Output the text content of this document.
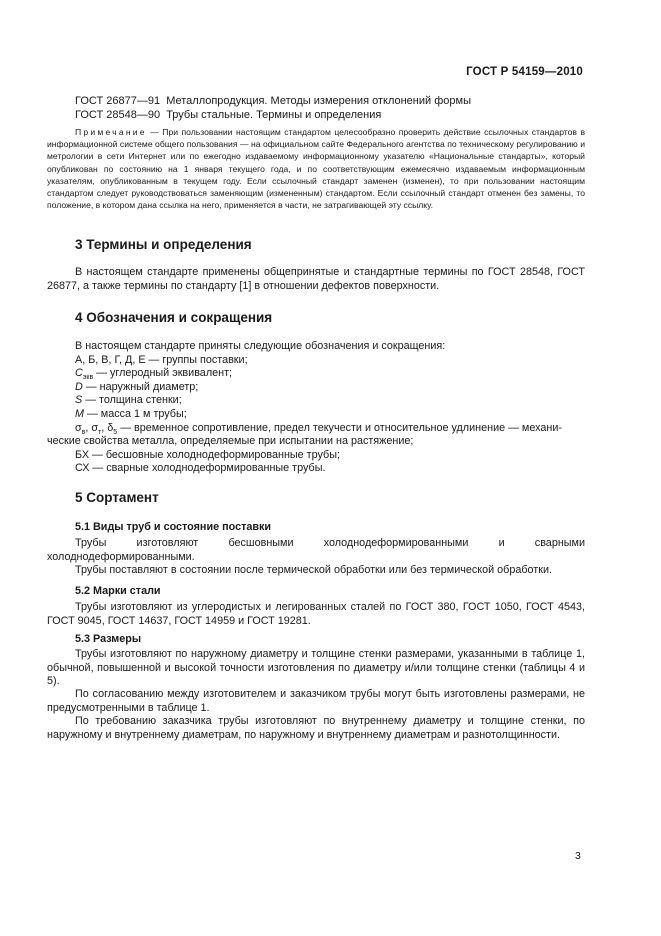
ГОСТ Р 54159—2010
ГОСТ 26877—91 Металлопродукция. Методы измерения отклонений формы
ГОСТ 28548—90 Трубы стальные. Термины и определения
Примечание — При пользовании настоящим стандартом целесообразно проверить действие ссылочных стандартов в информационной системе общего пользования — на официальном сайте Федерального агентства по техническому регулированию и метрологии в сети Интернет или по ежегодно издаваемому информационному указателю «Национальные стандарты», который опубликован по состоянию на 1 января текущего года, и по соответствующим ежемесячно издаваемым информационным указателям, опубликованным в текущем году. Если ссылочный стандарт заменен (изменен), то при пользовании настоящим стандартом следует руководствоваться заменяющим (измененным) стандартом. Если ссылочный стандарт отменен без замены, то положение, в котором дана ссылка на него, применяется в части, не затрагивающей эту ссылку.
3 Термины и определения
В настоящем стандарте применены общепринятые и стандартные термины по ГОСТ 28548, ГОСТ 26877, а также термины по стандарту [1] в отношении дефектов поверхности.
4 Обозначения и сокращения
В настоящем стандарте приняты следующие обозначения и сокращения:
А, Б, В, Г, Д, Е — группы поставки;
$C_{экв}$ — углеродный эквивалент;
D — наружный диаметр;
S — толщина стенки;
M — масса 1 м трубы;
$\sigma_в$, $\sigma_т$, $\delta_5$ — временное сопротивление, предел текучести и относительное удлинение — механи-
ческие свойства металла, определяемые при испытании на растяжение;
БХ — бесшовные холоднодеформированные трубы;
СХ — сварные холоднодеформированные трубы.
5 Сортамент
5.1 Виды труб и состояние поставки
Трубы изготовляют бесшовными холоднодеформированными и сварными холоднодеформированными.
Трубы поставляют в состоянии после термической обработки или без термической обработки.
5.2 Марки стали
Трубы изготовляют из углеродистых и легированных сталей по ГОСТ 380, ГОСТ 1050, ГОСТ 4543, ГОСТ 9045, ГОСТ 14637, ГОСТ 14959 и ГОСТ 19281.
5.3 Размеры
Трубы изготовляют по наружному диаметру и толщине стенки размерами, указанными в таблице 1, обычной, повышенной и высокой точности изготовления по диаметру и/или толщине стенки (таблицы 4 и 5).
По согласованию между изготовителем и заказчиком трубы могут быть изготовлены размерами, не предусмотренными в таблице 1.
По требованию заказчика трубы изготовляют по внутреннему диаметру и толщине стенки, по наружному и внутреннему диаметрам, по наружному и внутреннему диаметрам и разнотолщинности.
3
